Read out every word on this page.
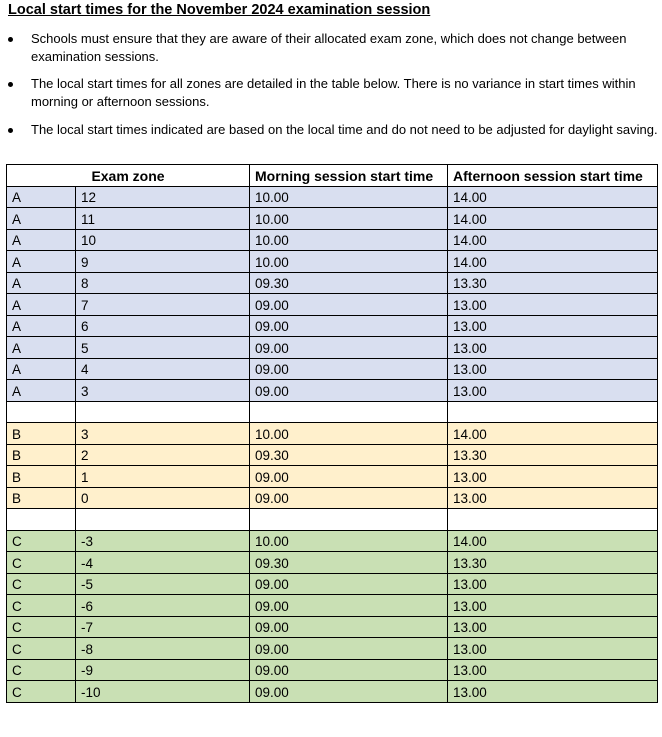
Local start times for the November 2024 examination session
Schools must ensure that they are aware of their allocated exam zone, which does not change between examination sessions.
The local start times for all zones are detailed in the table below. There is no variance in start times within morning or afternoon sessions.
The local start times indicated are based on the local time and do not need to be adjusted for daylight saving.
Exam zone		Morning session start time	Afternoon session start time
A	12	10.00	14.00
A	11	10.00	14.00
A	10	10.00	14.00
A	9	10.00	14.00
A	8	09.30	13.30
A	7	09.00	13.00
A	6	09.00	13.00
A	5	09.00	13.00
A	4	09.00	13.00
A	3	09.00	13.00

B	3	10.00	14.00
B	2	09.30	13.30
B	1	09.00	13.00
B	0	09.00	13.00

C	-3	10.00	14.00
C	-4	09.30	13.30
C	-5	09.00	13.00
C	-6	09.00	13.00
C	-7	09.00	13.00
C	-8	09.00	13.00
C	-9	09.00	13.00
C	-10	09.00	13.00
